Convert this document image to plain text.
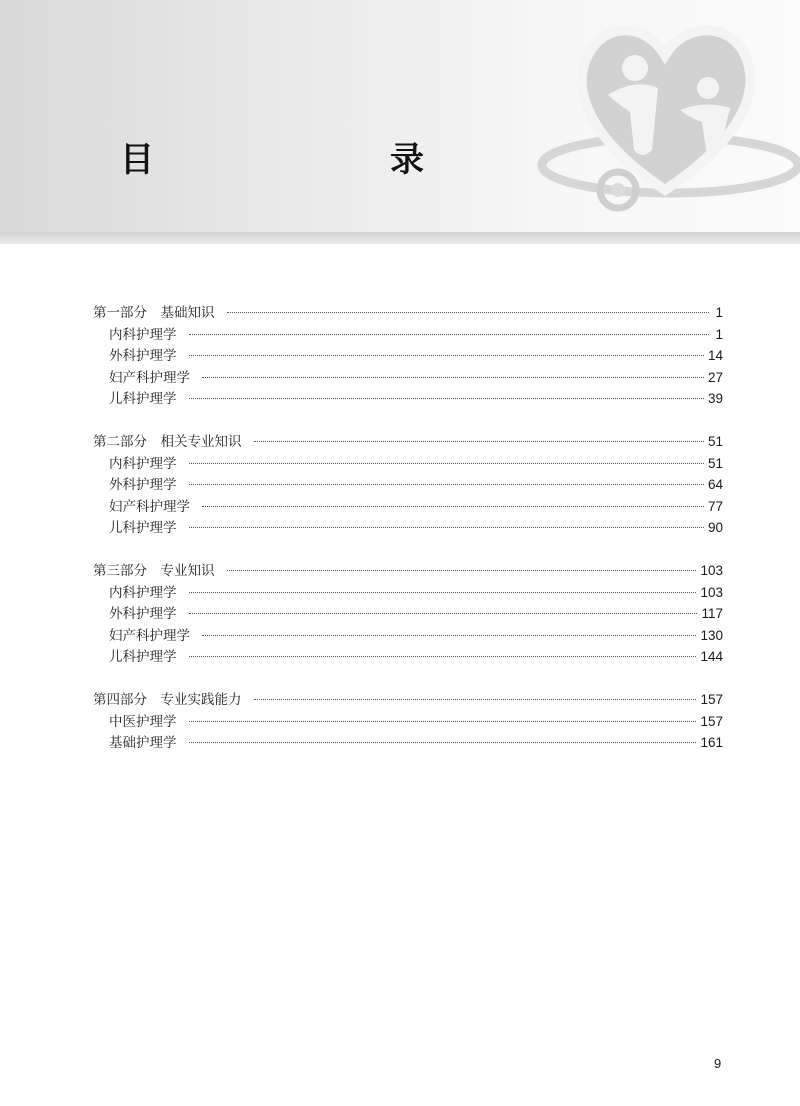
目　　录
第一部分　基础知识	1
内科护理学	1
外科护理学	14
妇产科护理学	27
儿科护理学	39
第二部分　相关专业知识	51
内科护理学	51
外科护理学	64
妇产科护理学	77
儿科护理学	90
第三部分　专业知识	103
内科护理学	103
外科护理学	117
妇产科护理学	130
儿科护理学	144
第四部分　专业实践能力	157
中医护理学	157
基础护理学	161
9
